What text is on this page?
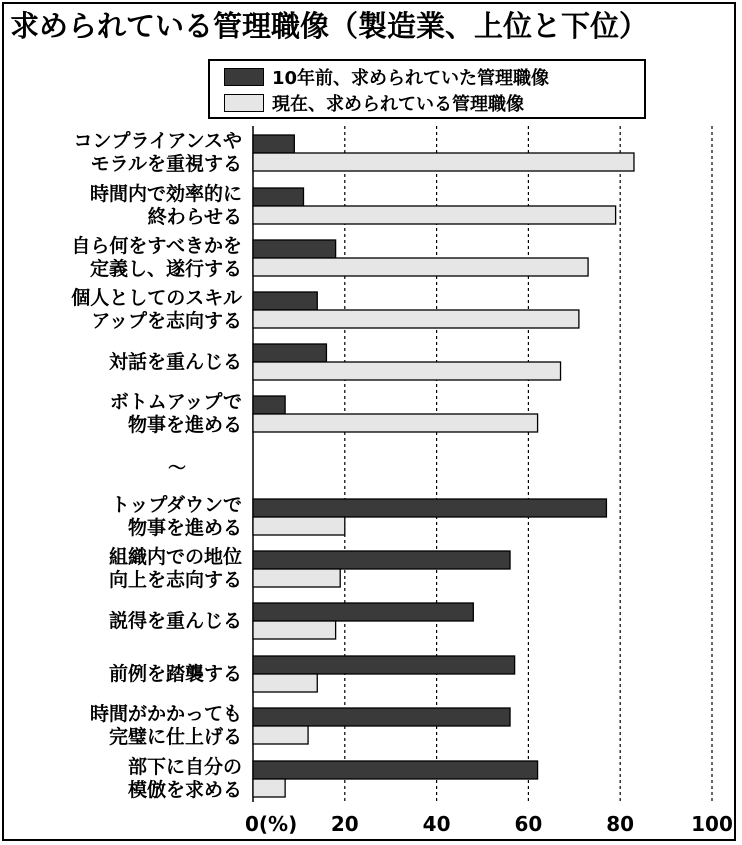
求められている管理職像（製造業、上位と下位）
10年前、求められていた管理職像
現在、求められている管理職像
コンプライアンスや
モラルを重視する
時間内で効率的に
終わらせる
自ら何をすべきかを
定義し、遂行する
個人としてのスキル
アップを志向する
対話を重んじる
ボトムアップで
物事を進める
トップダウンで
物事を進める
組織内での地位
向上を志向する
説得を重んじる
前例を踏襲する
時間がかかっても
完璧に仕上げる
部下に自分の
模倣を求める
0(%)	20	40	60	80	100
〜
